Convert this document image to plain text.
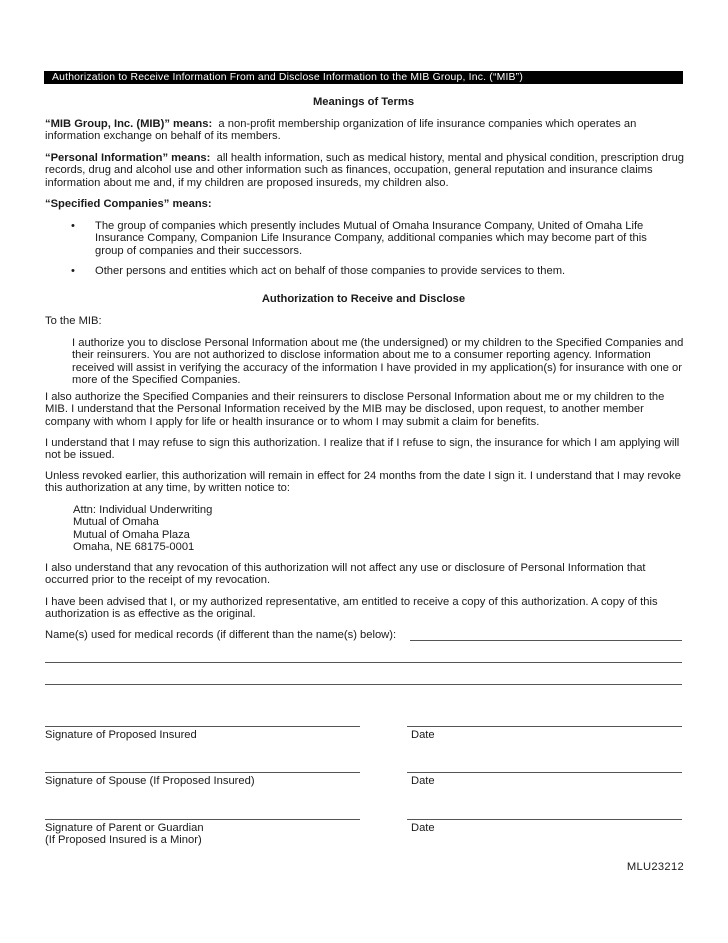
Authorization to Receive Information From and Disclose Information to the MIB Group, Inc. (“MIB”)
Meanings of Terms
“MIB Group, Inc. (MIB)” means: a non-profit membership organization of life insurance companies which operates an information exchange on behalf of its members.
“Personal Information” means: all health information, such as medical history, mental and physical condition, prescription drug records, drug and alcohol use and other information such as finances, occupation, general reputation and insurance claims information about me and, if my children are proposed insureds, my children also.
“Specified Companies” means:
• The group of companies which presently includes Mutual of Omaha Insurance Company, United of Omaha Life Insurance Company, Companion Life Insurance Company, additional companies which may become part of this group of companies and their successors.
• Other persons and entities which act on behalf of those companies to provide services to them.
Authorization to Receive and Disclose
To the MIB:
I authorize you to disclose Personal Information about me (the undersigned) or my children to the Specified Companies and their reinsurers. You are not authorized to disclose information about me to a consumer reporting agency. Information received will assist in verifying the accuracy of the information I have provided in my application(s) for insurance with one or more of the Specified Companies.
I also authorize the Specified Companies and their reinsurers to disclose Personal Information about me or my children to the MIB. I understand that the Personal Information received by the MIB may be disclosed, upon request, to another member company with whom I apply for life or health insurance or to whom I may submit a claim for benefits.
I understand that I may refuse to sign this authorization. I realize that if I refuse to sign, the insurance for which I am applying will not be issued.
Unless revoked earlier, this authorization will remain in effect for 24 months from the date I sign it. I understand that I may revoke this authorization at any time, by written notice to:
Attn: Individual Underwriting
Mutual of Omaha
Mutual of Omaha Plaza
Omaha, NE 68175-0001
I also understand that any revocation of this authorization will not affect any use or disclosure of Personal Information that occurred prior to the receipt of my revocation.
I have been advised that I, or my authorized representative, am entitled to receive a copy of this authorization. A copy of this authorization is as effective as the original.
Name(s) used for medical records (if different than the name(s) below):
Signature of Proposed Insured	Date
Signature of Spouse (If Proposed Insured)	Date
Signature of Parent or Guardian
(If Proposed Insured is a Minor)
Date
MLU23212
